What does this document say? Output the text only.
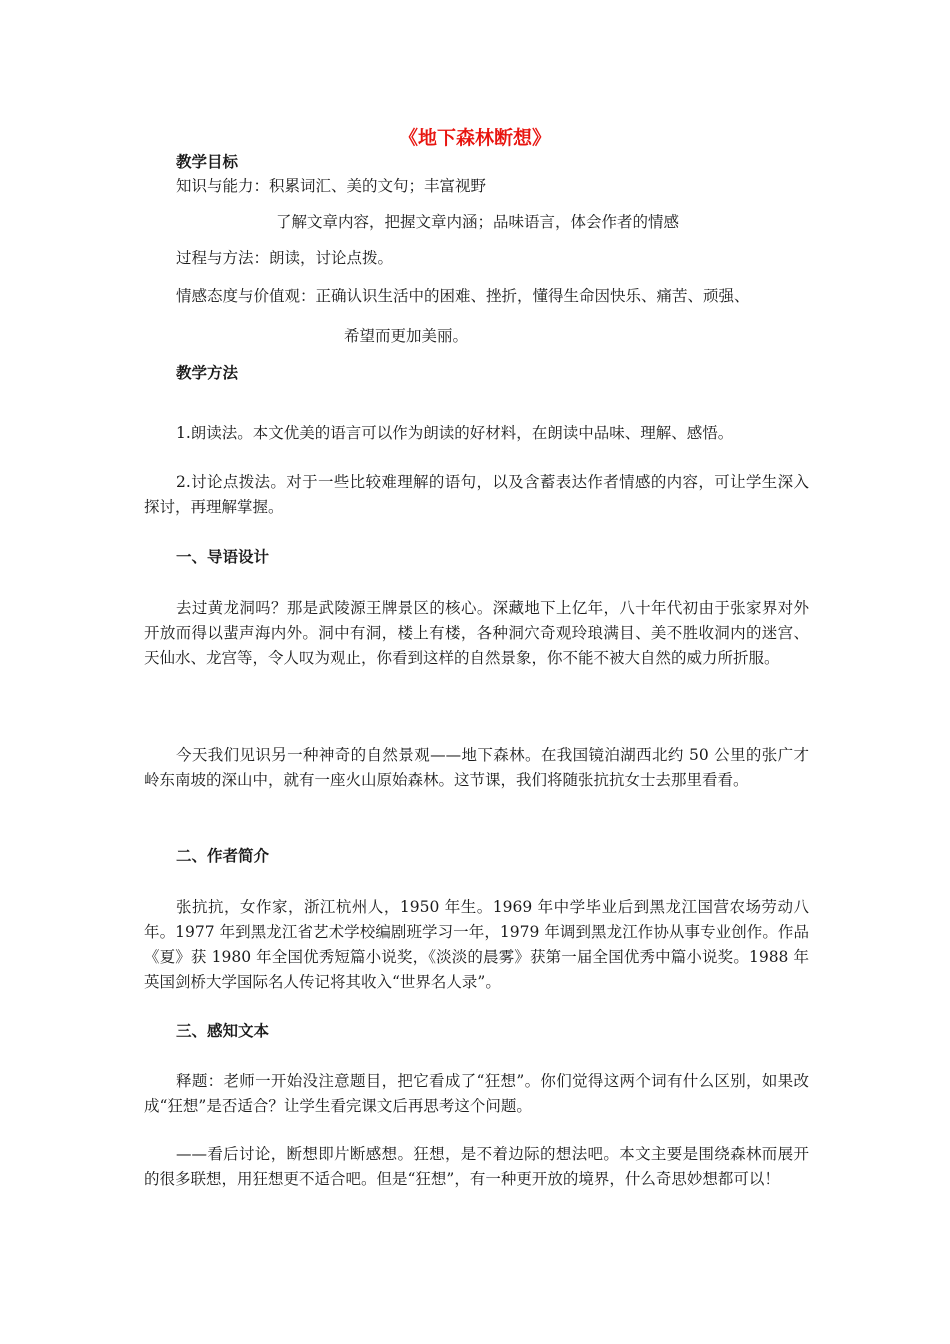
《地下森林断想》

教学目标

知识与能力：积累词汇、美的文句；丰富视野

了解文章内容，把握文章内涵；品味语言，体会作者的情感

过程与方法：朗读，讨论点拨。

情感态度与价值观：正确认识生活中的困难、挫折，懂得生命因快乐、痛苦、顽强、

希望而更加美丽。

教学方法

1.朗读法。本文优美的语言可以作为朗读的好材料，在朗读中品味、理解、感悟。

2.讨论点拨法。对于一些比较难理解的语句，以及含蓄表达作者情感的内容，可让学生深入探讨，再理解掌握。

一、导语设计

去过黄龙洞吗？那是武陵源王牌景区的核心。深藏地下上亿年，八十年代初由于张家界对外开放而得以蜚声海内外。洞中有洞，楼上有楼，各种洞穴奇观玲琅满目、美不胜收洞内的迷宫、天仙水、龙宫等，令人叹为观止，你看到这样的自然景象，你不能不被大自然的威力所折服。

今天我们见识另一种神奇的自然景观——地下森林。在我国镜泊湖西北约 50 公里的张广才岭东南坡的深山中，就有一座火山原始森林。这节课，我们将随张抗抗女士去那里看看。

二、作者简介

张抗抗，女作家，浙江杭州人，1950 年生。1969 年中学毕业后到黑龙江国营农场劳动八年。1977 年到黑龙江省艺术学校编剧班学习一年，1979 年调到黑龙江作协从事专业创作。作品《夏》获 1980 年全国优秀短篇小说奖，《淡淡的晨雾》获第一届全国优秀中篇小说奖。1988 年英国剑桥大学国际名人传记将其收入“世界名人录”。

三、感知文本

释题：老师一开始没注意题目，把它看成了“狂想”。你们觉得这两个词有什么区别，如果改成“狂想”是否适合？让学生看完课文后再思考这个问题。

——看后讨论，断想即片断感想。狂想，是不着边际的想法吧。本文主要是围绕森林而展开的很多联想，用狂想更不适合吧。但是“狂想”，有一种更开放的境界，什么奇思妙想都可以！
